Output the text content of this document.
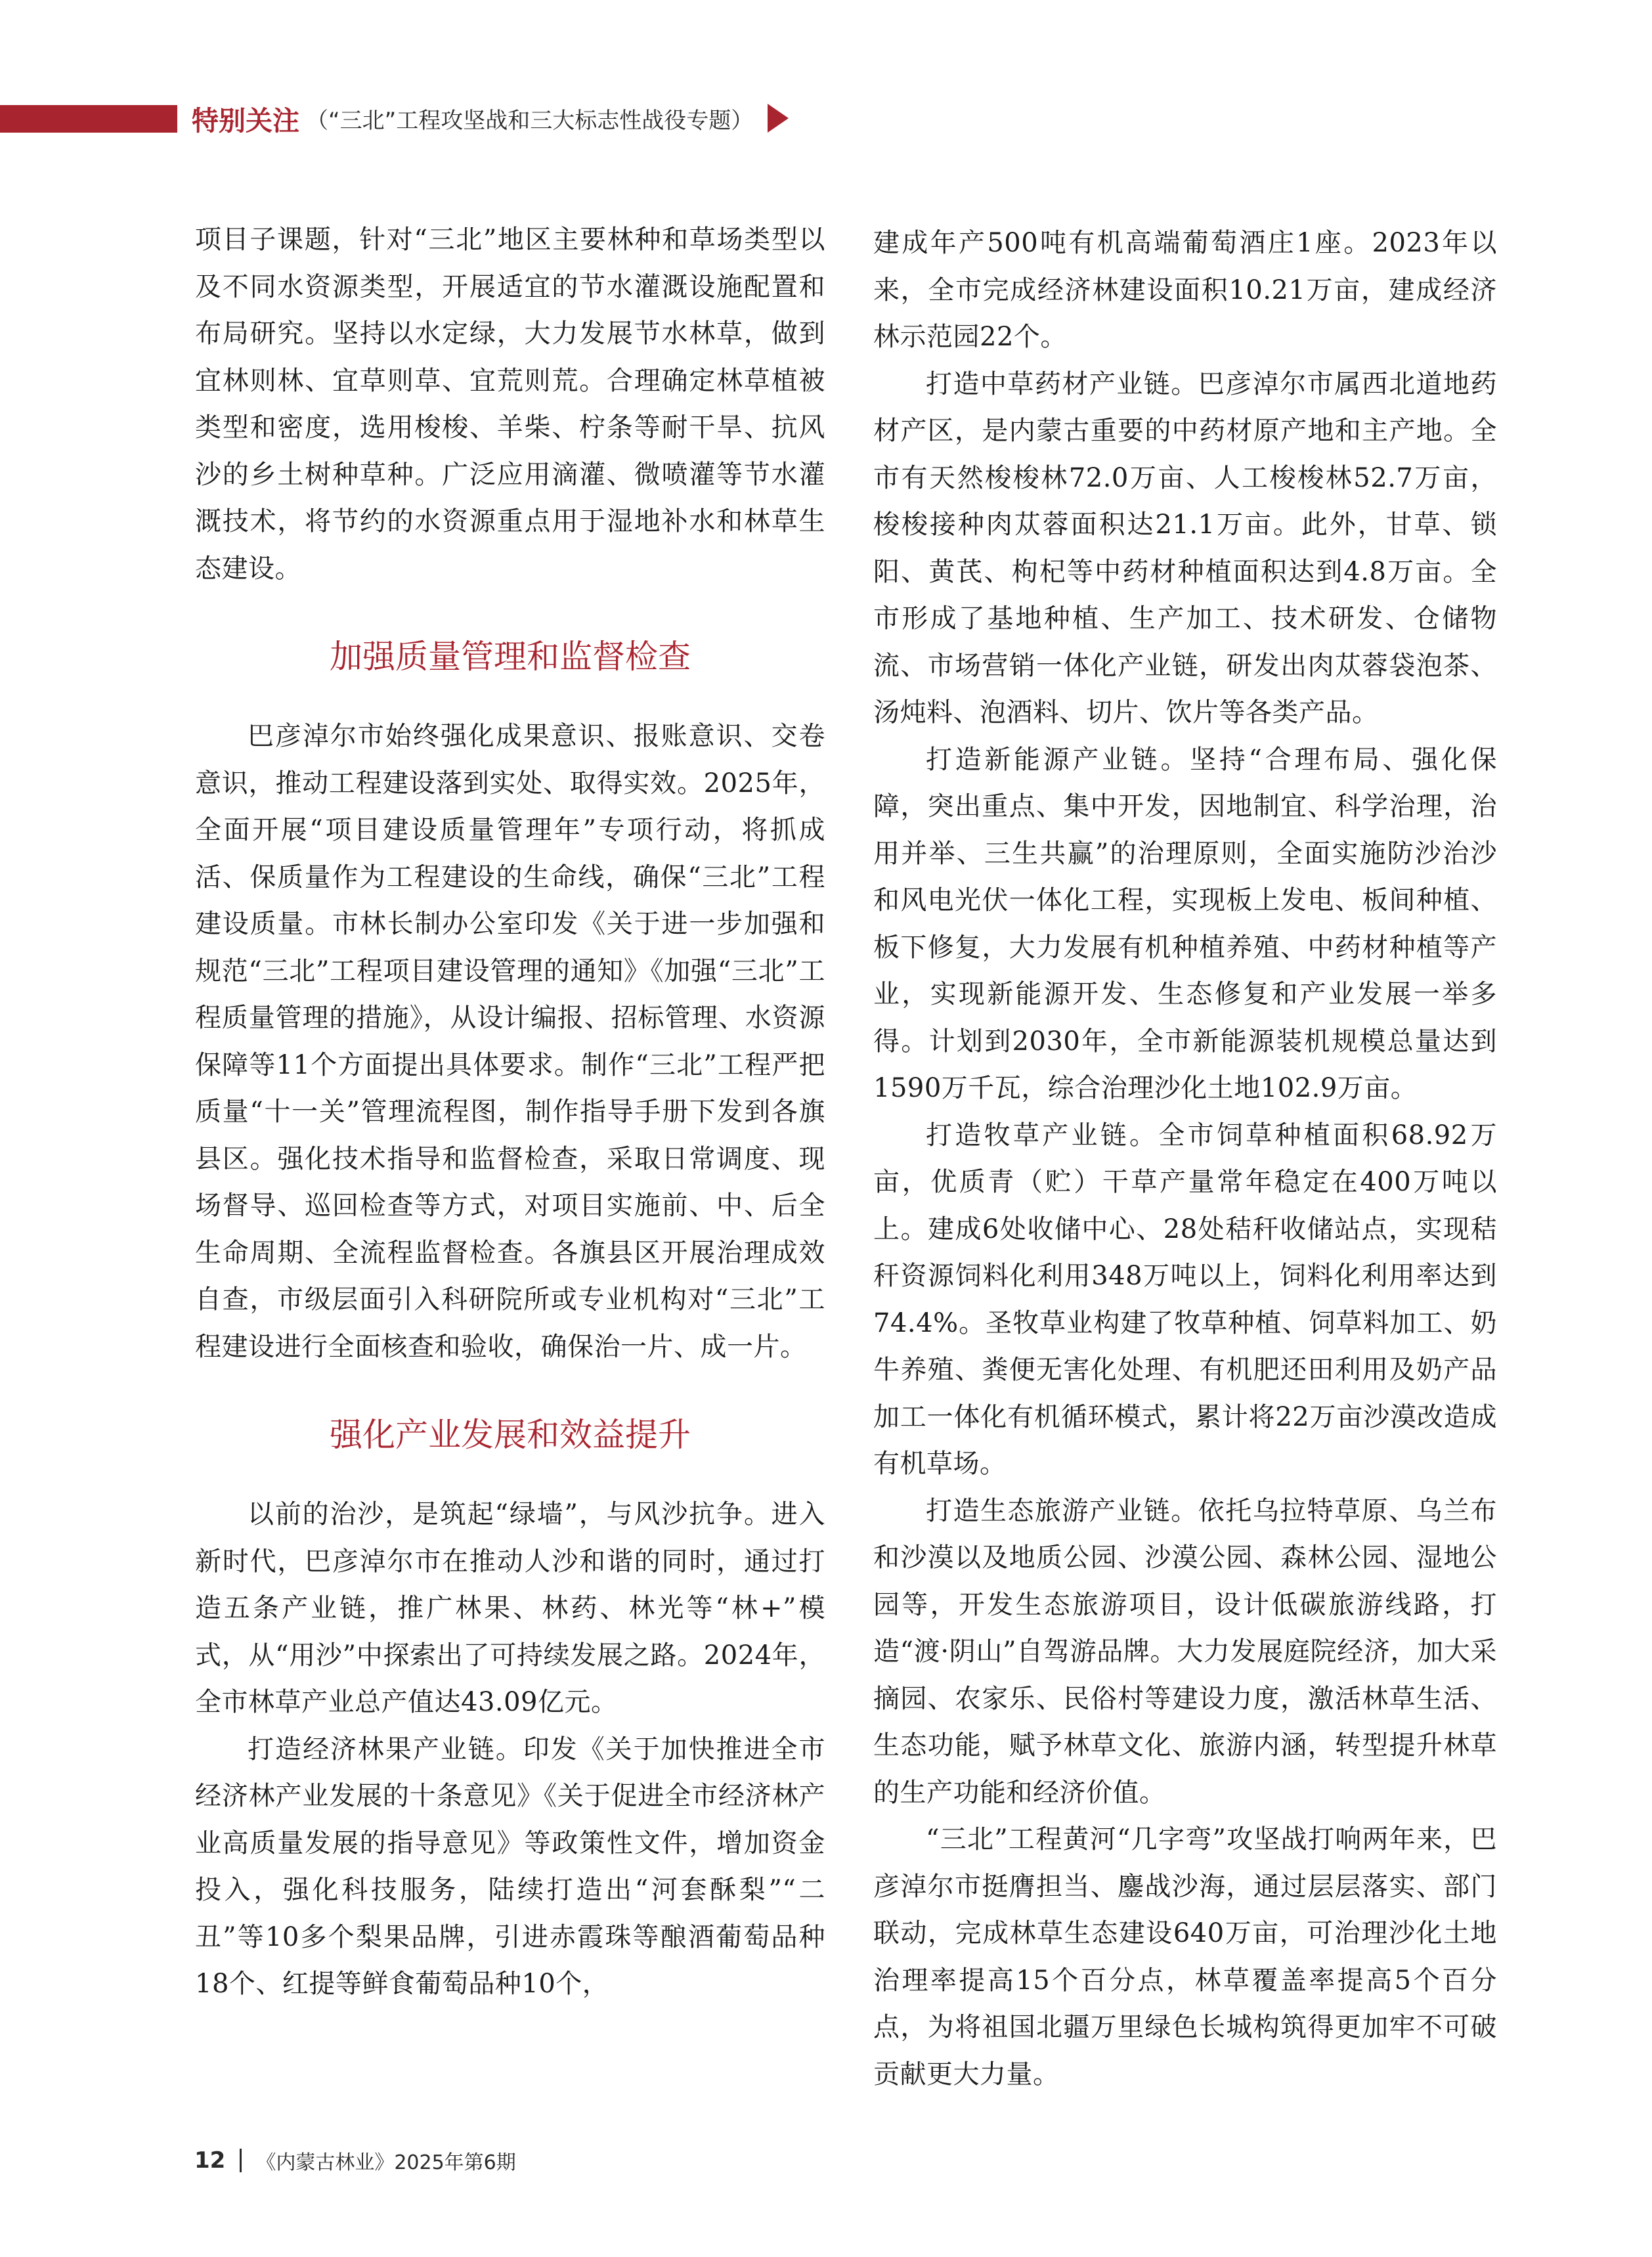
特别关注 （“三北”工程攻坚战和三大标志性战役专题）

项目子课题，针对“三北”地区主要林种和草场类型以及不同水资源类型，开展适宜的节水灌溉设施配置和布局研究。坚持以水定绿，大力发展节水林草，做到宜林则林、宜草则草、宜荒则荒。合理确定林草植被类型和密度，选用梭梭、羊柴、柠条等耐干旱、抗风沙的乡土树种草种。广泛应用滴灌、微喷灌等节水灌溉技术，将节约的水资源重点用于湿地补水和林草生态建设。

加强质量管理和监督检查

巴彦淖尔市始终强化成果意识、报账意识、交卷意识，推动工程建设落到实处、取得实效。2025年，全面开展“项目建设质量管理年”专项行动，将抓成活、保质量作为工程建设的生命线，确保“三北”工程建设质量。市林长制办公室印发《关于进一步加强和规范“三北”工程项目建设管理的通知》《加强“三北”工程质量管理的措施》，从设计编报、招标管理、水资源保障等11个方面提出具体要求。制作“三北”工程严把质量“十一关”管理流程图，制作指导手册下发到各旗县区。强化技术指导和监督检查，采取日常调度、现场督导、巡回检查等方式，对项目实施前、中、后全生命周期、全流程监督检查。各旗县区开展治理成效自查，市级层面引入科研院所或专业机构对“三北”工程建设进行全面核查和验收，确保治一片、成一片。

强化产业发展和效益提升

以前的治沙，是筑起“绿墙”，与风沙抗争。进入新时代，巴彦淖尔市在推动人沙和谐的同时，通过打造五条产业链，推广林果、林药、林光等“林+”模式，从“用沙”中探索出了可持续发展之路。2024年，全市林草产业总产值达43.09亿元。

打造经济林果产业链。印发《关于加快推进全市经济林产业发展的十条意见》《关于促进全市经济林产业高质量发展的指导意见》等政策性文件，增加资金投入，强化科技服务，陆续打造出“河套酥梨”“二丑”等10多个梨果品牌，引进赤霞珠等酿酒葡萄品种18个、红提等鲜食葡萄品种10个，

建成年产500吨有机高端葡萄酒庄1座。2023年以来，全市完成经济林建设面积10.21万亩，建成经济林示范园22个。

打造中草药材产业链。巴彦淖尔市属西北道地药材产区，是内蒙古重要的中药材原产地和主产地。全市有天然梭梭林72.0万亩、人工梭梭林52.7万亩，梭梭接种肉苁蓉面积达21.1万亩。此外，甘草、锁阳、黄芪、枸杞等中药材种植面积达到4.8万亩。全市形成了基地种植、生产加工、技术研发、仓储物流、市场营销一体化产业链，研发出肉苁蓉袋泡茶、汤炖料、泡酒料、切片、饮片等各类产品。

打造新能源产业链。坚持“合理布局、强化保障，突出重点、集中开发，因地制宜、科学治理，治用并举、三生共赢”的治理原则，全面实施防沙治沙和风电光伏一体化工程，实现板上发电、板间种植、板下修复，大力发展有机种植养殖、中药材种植等产业，实现新能源开发、生态修复和产业发展一举多得。计划到2030年，全市新能源装机规模总量达到1590万千瓦，综合治理沙化土地102.9万亩。

打造牧草产业链。全市饲草种植面积68.92万亩，优质青（贮）干草产量常年稳定在400万吨以上。建成6处收储中心、28处秸秆收储站点，实现秸秆资源饲料化利用348万吨以上，饲料化利用率达到74.4%。圣牧草业构建了牧草种植、饲草料加工、奶牛养殖、粪便无害化处理、有机肥还田利用及奶产品加工一体化有机循环模式，累计将22万亩沙漠改造成有机草场。

打造生态旅游产业链。依托乌拉特草原、乌兰布和沙漠以及地质公园、沙漠公园、森林公园、湿地公园等，开发生态旅游项目，设计低碳旅游线路，打造“渡·阴山”自驾游品牌。大力发展庭院经济，加大采摘园、农家乐、民俗村等建设力度，激活林草生活、生态功能，赋予林草文化、旅游内涵，转型提升林草的生产功能和经济价值。

“三北”工程黄河“几字弯”攻坚战打响两年来，巴彦淖尔市挺膺担当、鏖战沙海，通过层层落实、部门联动，完成林草生态建设640万亩，可治理沙化土地治理率提高15个百分点，林草覆盖率提高5个百分点，为将祖国北疆万里绿色长城构筑得更加牢不可破贡献更大力量。

12 《内蒙古林业》2025年第6期
